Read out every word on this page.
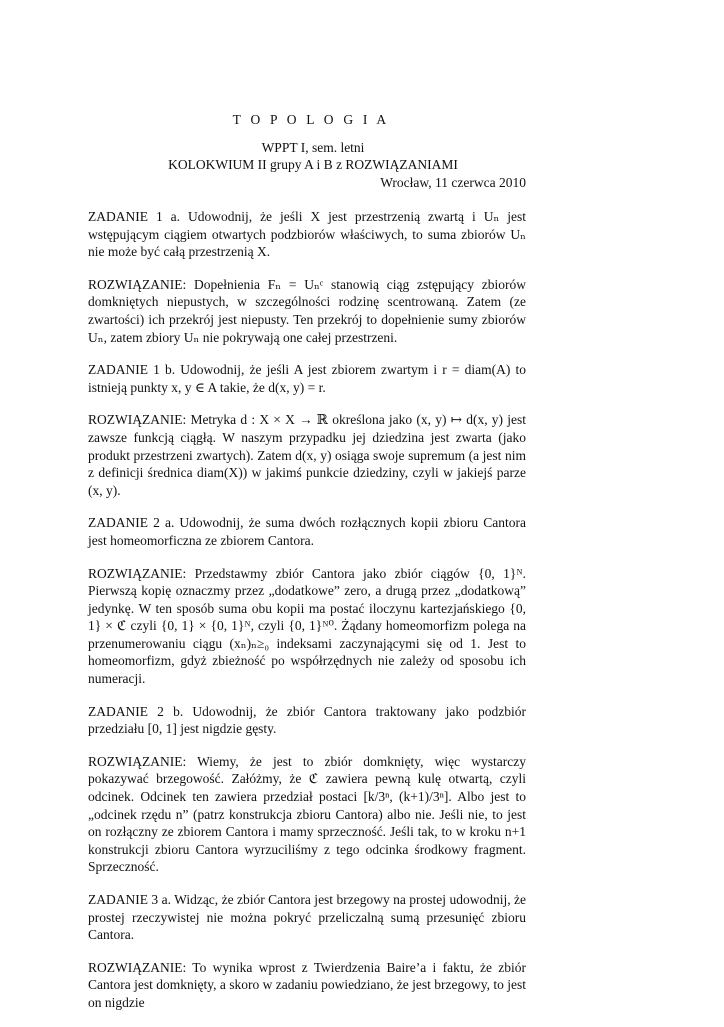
T O P O L O G I A
WPPT I, sem. letni
KOLOKWIUM II grupy A i B z ROZWIĄZANIAMI
Wrocław, 11 czerwca 2010

ZADANIE 1 a. Udowodnij, że jeśli X jest przestrzenią zwartą i Uₙ jest wstępującym ciągiem otwartych podzbiorów właściwych, to suma zbiorów Uₙ nie może być całą przestrzenią X.

ROZWIĄZANIE: Dopełnienia Fₙ = Uₙᶜ stanowią ciąg zstępujący zbiorów domkniętych niepustych, w szczególności rodzinę scentrowaną. Zatem (ze zwartości) ich przekrój jest niepusty. Ten przekrój to dopełnienie sumy zbiorów Uₙ, zatem zbiory Uₙ nie pokrywają one całej przestrzeni.

ZADANIE 1 b. Udowodnij, że jeśli A jest zbiorem zwartym i r = diam(A) to istnieją punkty x, y ∈ A takie, że d(x, y) = r.

ROZWIĄZANIE: Metryka d : X × X → ℝ określona jako (x, y) ↦ d(x, y) jest zawsze funkcją ciągłą. W naszym przypadku jej dziedzina jest zwarta (jako produkt przestrzeni zwartych). Zatem d(x, y) osiąga swoje supremum (a jest nim z definicji średnica diam(X)) w jakimś punkcie dziedziny, czyli w jakiejś parze (x, y).

ZADANIE 2 a. Udowodnij, że suma dwóch rozłącznych kopii zbioru Cantora jest homeomorficzna ze zbiorem Cantora.

ROZWIĄZANIE: Przedstawmy zbiór Cantora jako zbiór ciągów {0, 1}ᴺ. Pierwszą kopię oznaczmy przez „dodatkowe” zero, a drugą przez „dodatkową” jedynkę. W ten sposób suma obu kopii ma postać iloczynu kartezjańskiego {0, 1} × ℭ czyli {0, 1} × {0, 1}ᴺ, czyli {0, 1}ᴺ⁰. Żądany homeomorfizm polega na przenumerowaniu ciągu (xₙ)ₙ≥₀ indeksami zaczynającymi się od 1. Jest to homeomorfizm, gdyż zbieżność po współrzędnych nie zależy od sposobu ich numeracji.

ZADANIE 2 b. Udowodnij, że zbiór Cantora traktowany jako podzbiór przedziału [0, 1] jest nigdzie gęsty.

ROZWIĄZANIE: Wiemy, że jest to zbiór domknięty, więc wystarczy pokazywać brzegowość. Załóżmy, że ℭ zawiera pewną kulę otwartą, czyli odcinek. Odcinek ten zawiera przedział postaci [k/3ⁿ, (k+1)/3ⁿ]. Albo jest to „odcinek rzędu n” (patrz konstrukcja zbioru Cantora) albo nie. Jeśli nie, to jest on rozłączny ze zbiorem Cantora i mamy sprzeczność. Jeśli tak, to w kroku n+1 konstrukcji zbioru Cantora wyrzuciliśmy z tego odcinka środkowy fragment. Sprzeczność.

ZADANIE 3 a. Widząc, że zbiór Cantora jest brzegowy na prostej udowodnij, że prostej rzeczywistej nie można pokryć przeliczalną sumą przesunięć zbioru Cantora.

ROZWIĄZANIE: To wynika wprost z Twierdzenia Baire’a i faktu, że zbiór Cantora jest domknięty, a skoro w zadaniu powiedziano, że jest brzegowy, to jest on nigdzie
